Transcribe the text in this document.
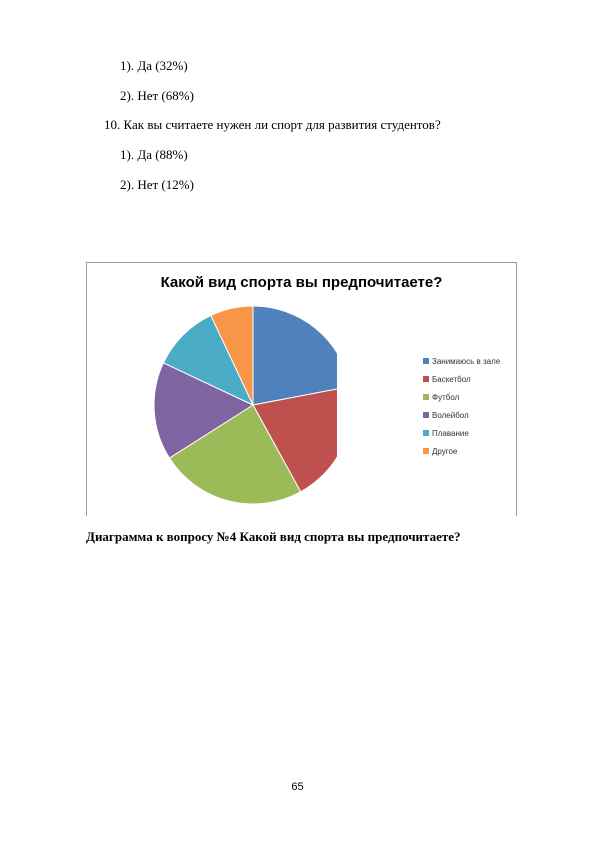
1). Да (32%)
2). Нет (68%)
10. Как вы считаете нужен ли спорт для развития студентов?
1). Да (88%)
2). Нет (12%)
Какой вид спорта вы предпочитаете?
Занимаюсь в зале
Баскетбол
Футбол
Волейбол
Плавание
Другое
Диаграмма к вопросу №4 Какой вид спорта вы предпочитаете?
65
